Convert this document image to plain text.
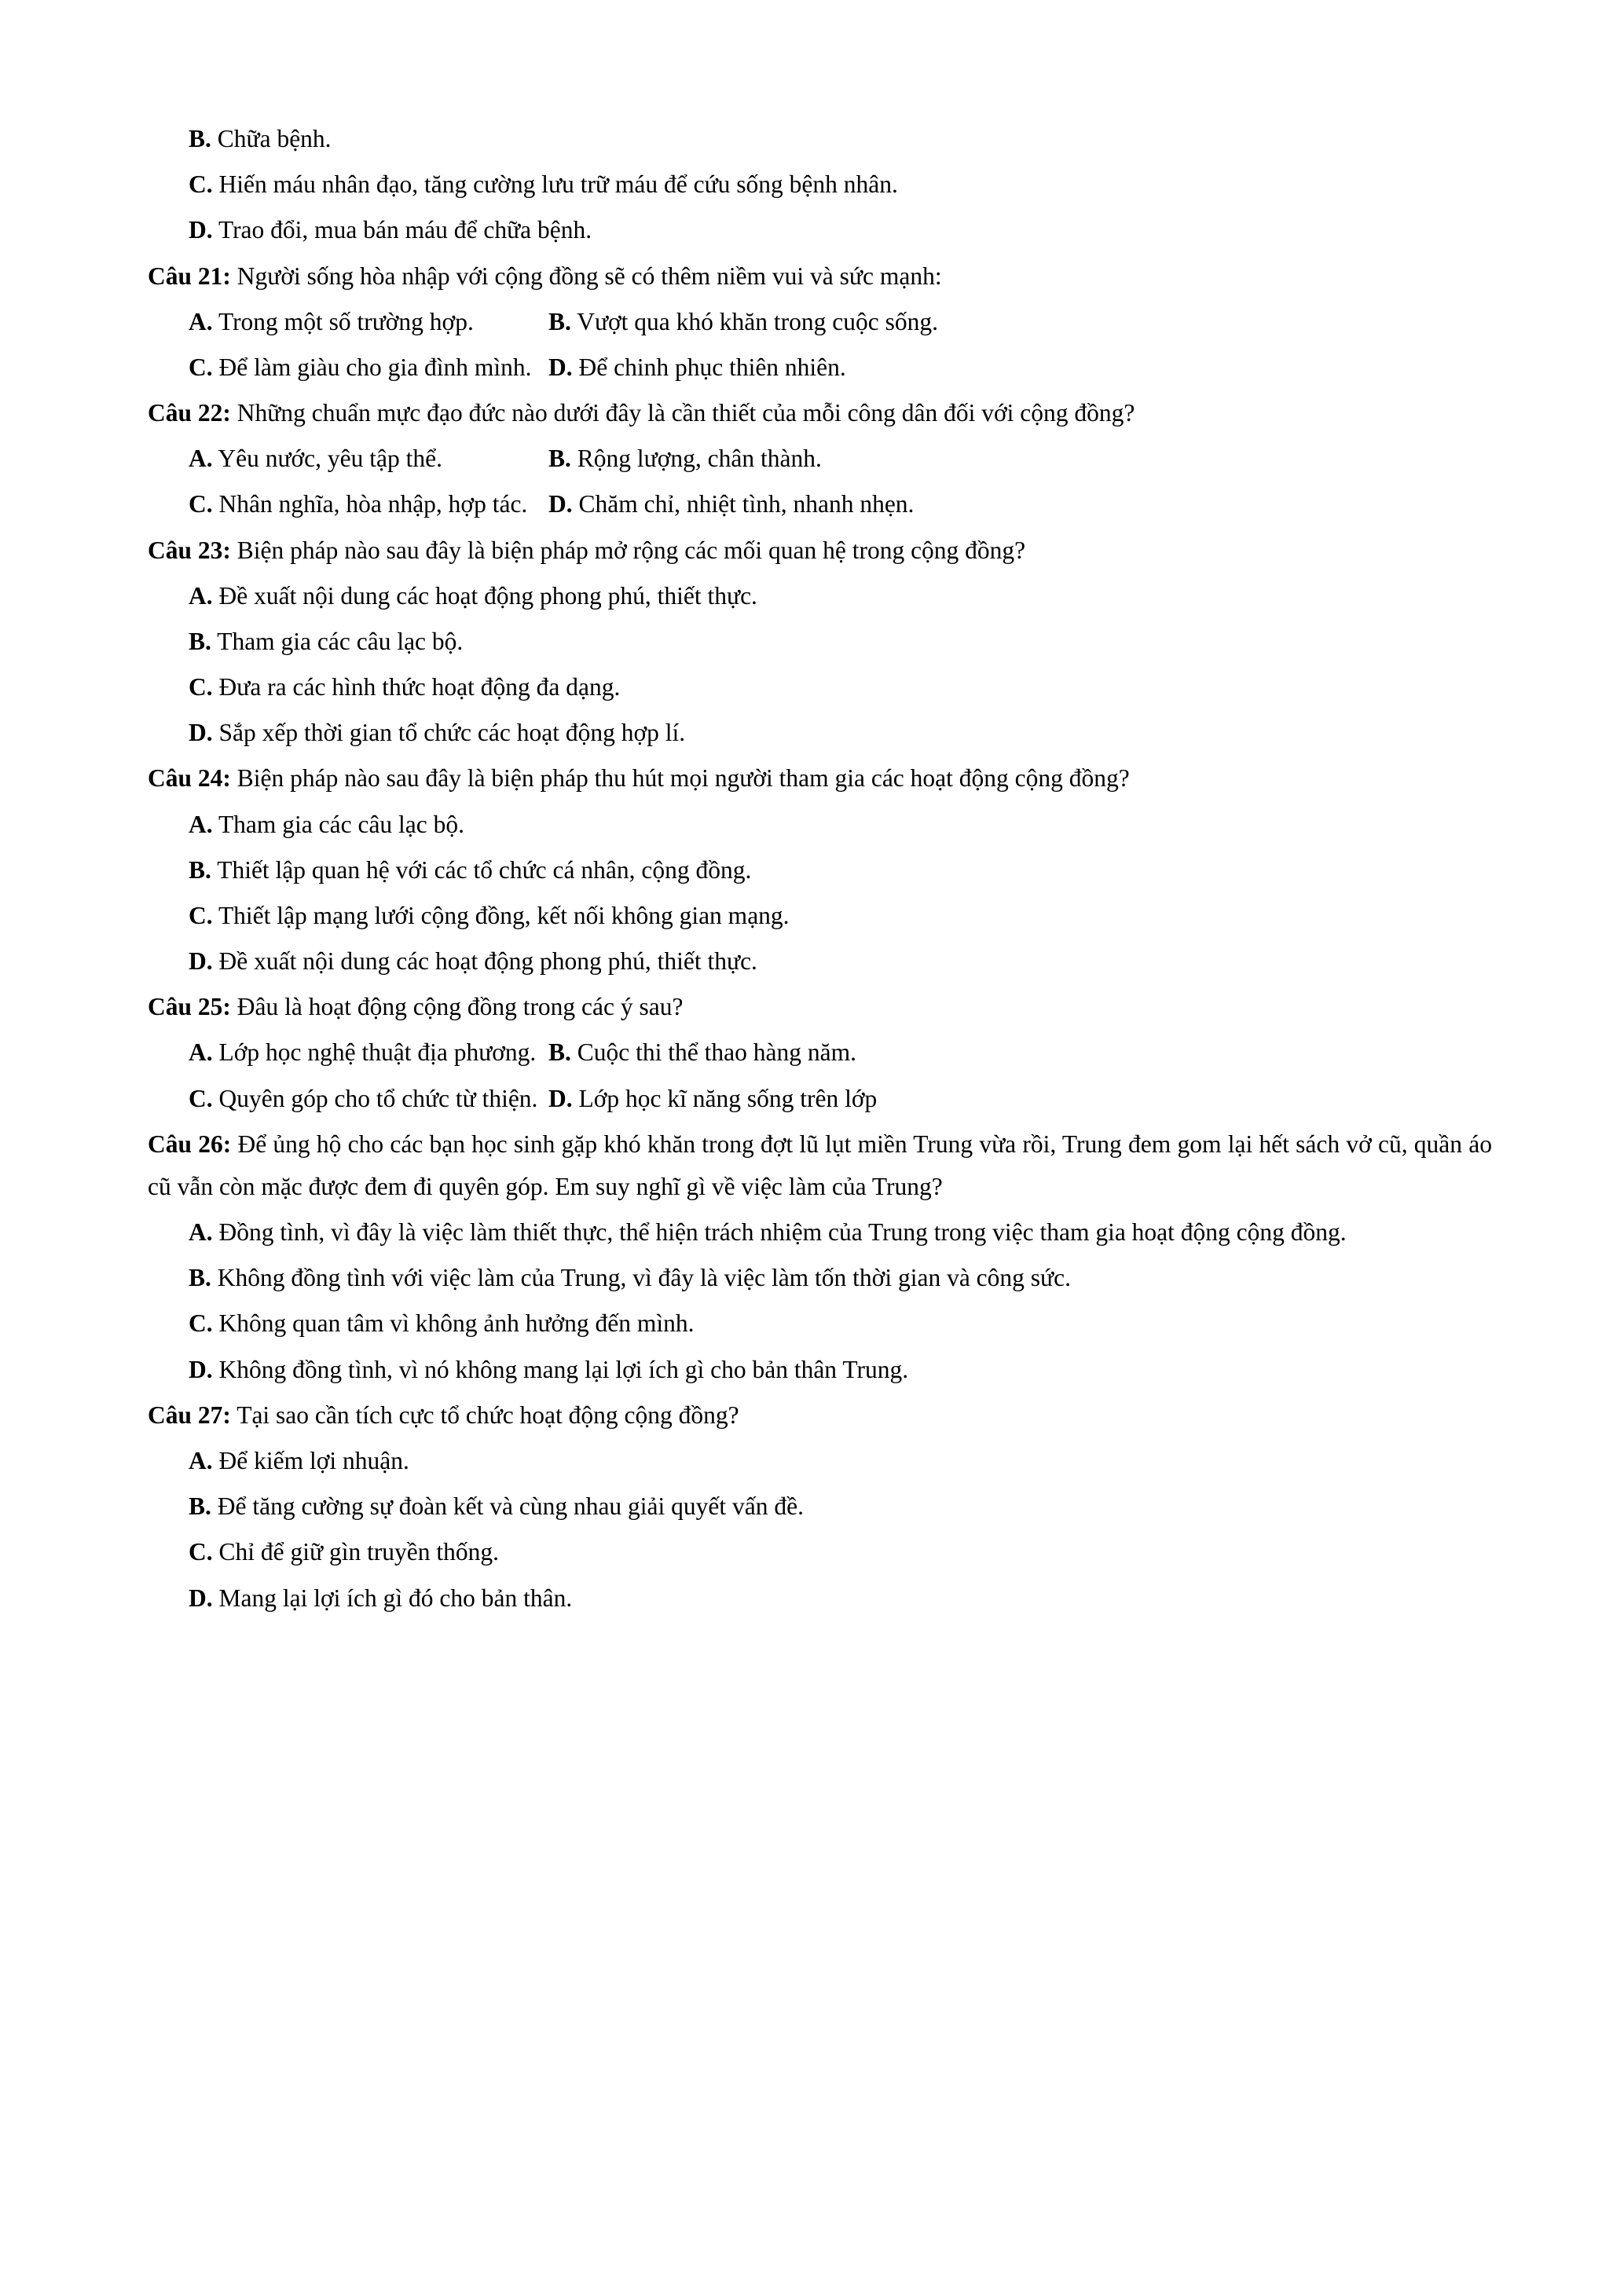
B. Chữa bệnh.
C. Hiến máu nhân đạo, tăng cường lưu trữ máu để cứu sống bệnh nhân.
D. Trao đổi, mua bán máu để chữa bệnh.

Câu 21: Người sống hòa nhập với cộng đồng sẽ có thêm niềm vui và sức mạnh:

A. Trong một số trường hợp.	B. Vượt qua khó khăn trong cuộc sống.
C. Để làm giàu cho gia đình mình. D. Để chinh phục thiên nhiên.

Câu 22: Những chuẩn mực đạo đức nào dưới đây là cần thiết của mỗi công dân đối với cộng đồng?

A. Yêu nước, yêu tập thể.	B. Rộng lượng, chân thành.
C. Nhân nghĩa, hòa nhập, hợp tác. D. Chăm chỉ, nhiệt tình, nhanh nhẹn.

Câu 23: Biện pháp nào sau đây là biện pháp mở rộng các mối quan hệ trong cộng đồng?

A. Đề xuất nội dung các hoạt động phong phú, thiết thực.
B. Tham gia các câu lạc bộ.
C. Đưa ra các hình thức hoạt động đa dạng.
D. Sắp xếp thời gian tổ chức các hoạt động hợp lí.

Câu 24: Biện pháp nào sau đây là biện pháp thu hút mọi người tham gia các hoạt động cộng đồng?

A. Tham gia các câu lạc bộ.
B. Thiết lập quan hệ với các tổ chức cá nhân, cộng đồng.
C. Thiết lập mạng lưới cộng đồng, kết nối không gian mạng.
D. Đề xuất nội dung các hoạt động phong phú, thiết thực.

Câu 25: Đâu là hoạt động cộng đồng trong các ý sau?

A. Lớp học nghệ thuật địa phương. B. Cuộc thi thể thao hàng năm.
C. Quyên góp cho tổ chức từ thiện. D. Lớp học kĩ năng sống trên lớp

Câu 26: Để ủng hộ cho các bạn học sinh gặp khó khăn trong đợt lũ lụt miền Trung vừa rồi, Trung đem gom lại hết sách vở cũ, quần áo cũ vẫn còn mặc được đem đi quyên góp. Em suy nghĩ gì về việc làm của Trung?

A. Đồng tình, vì đây là việc làm thiết thực, thể hiện trách nhiệm của Trung trong việc tham gia hoạt động cộng đồng.
B. Không đồng tình với việc làm của Trung, vì đây là việc làm tốn thời gian và công sức.
C. Không quan tâm vì không ảnh hưởng đến mình.
D. Không đồng tình, vì nó không mang lại lợi ích gì cho bản thân Trung.

Câu 27: Tại sao cần tích cực tổ chức hoạt động cộng đồng?

A. Để kiếm lợi nhuận.
B. Để tăng cường sự đoàn kết và cùng nhau giải quyết vấn đề.
C. Chỉ để giữ gìn truyền thống.
D. Mang lại lợi ích gì đó cho bản thân.
